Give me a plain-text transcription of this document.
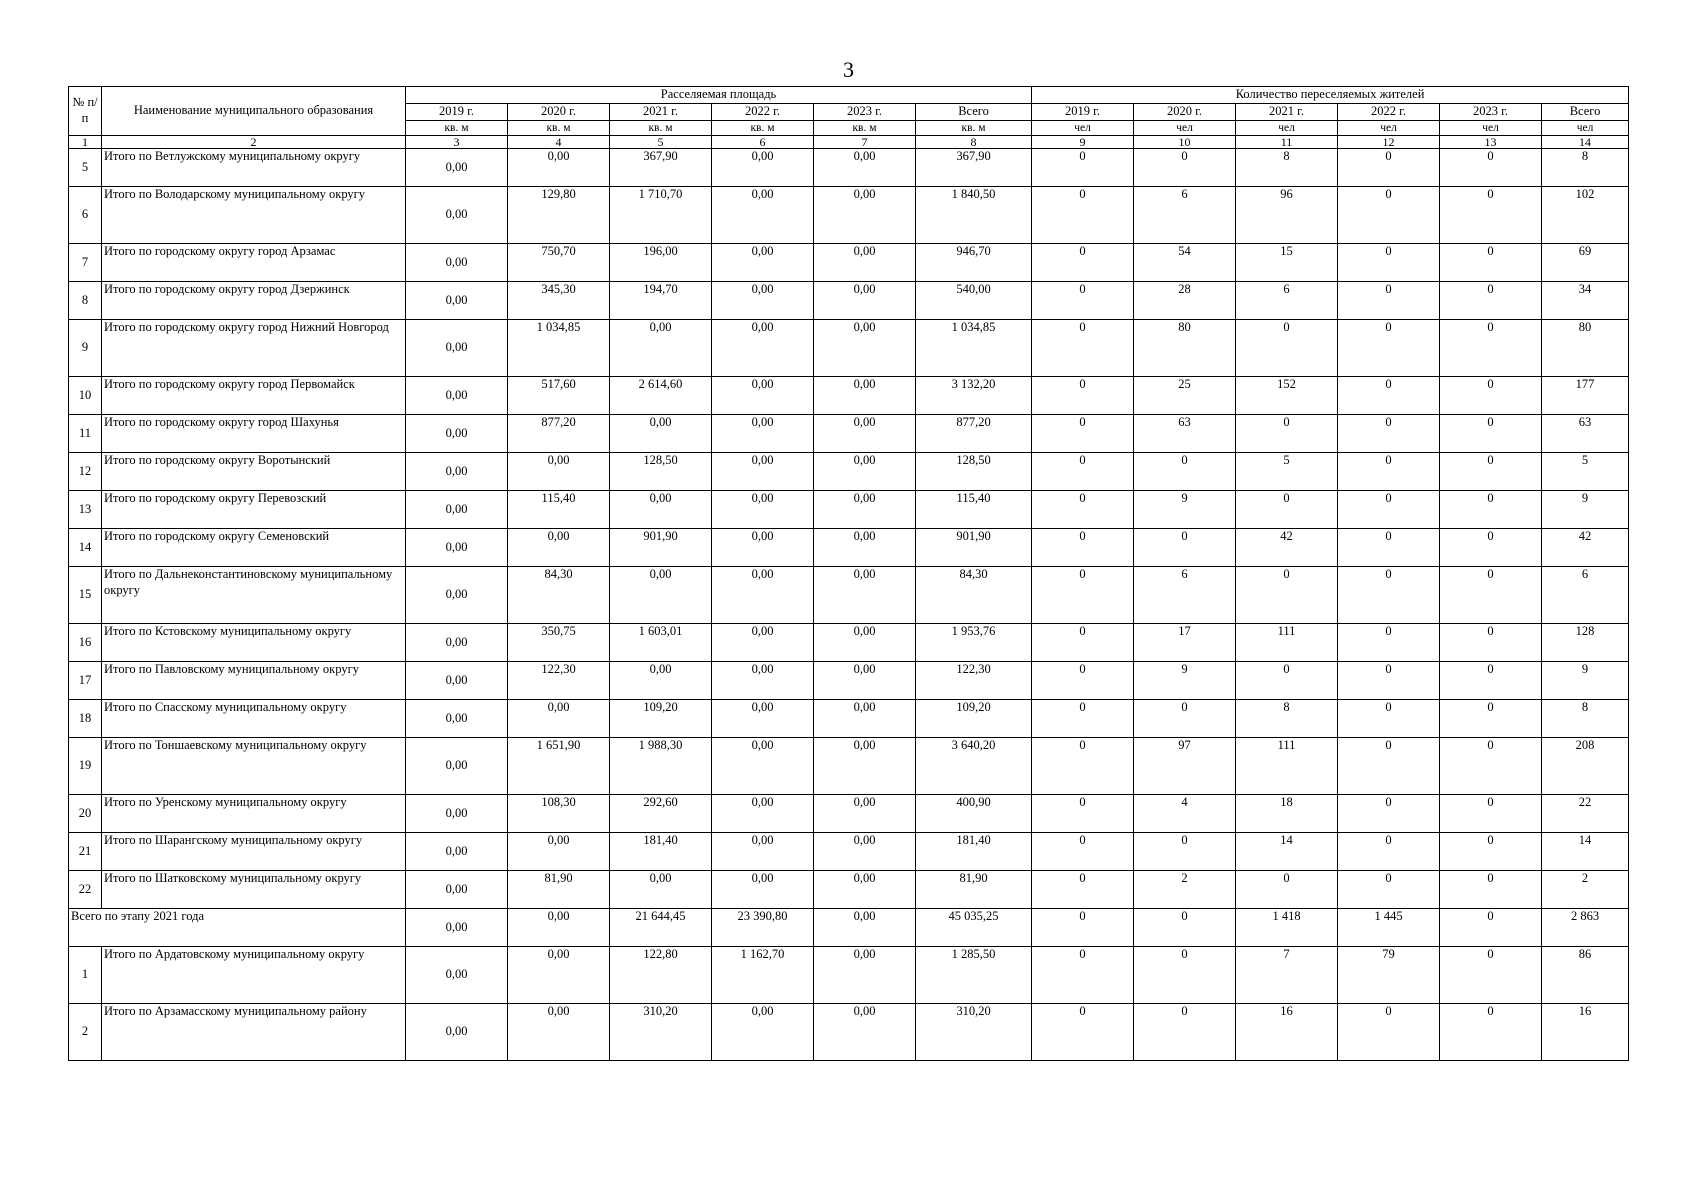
3
№ п/п	Наименование муниципального образования	Расселяемая площадь						Количество переселяемых жителей					
		2019 г.	2020 г.	2021 г.	2022 г.	2023 г.	Всего	2019 г.	2020 г.	2021 г.	2022 г.	2023 г.	Всего
		кв. м	кв. м	кв. м	кв. м	кв. м	кв. м	чел	чел	чел	чел	чел	чел
1	2	3	4	5	6	7	8	9	10	11	12	13	14
5	Итого по Ветлужскому муниципальному округу	0,00	0,00	367,90	0,00	0,00	367,90	0	0	8	0	0	8
6	Итого по Володарскому муниципальному округу	0,00	129,80	1 710,70	0,00	0,00	1 840,50	0	6	96	0	0	102
7	Итого по городскому округу город Арзамас	0,00	750,70	196,00	0,00	0,00	946,70	0	54	15	0	0	69
8	Итого по городскому округу город Дзержинск	0,00	345,30	194,70	0,00	0,00	540,00	0	28	6	0	0	34
9	Итого по городскому округу город Нижний Новгород	0,00	1 034,85	0,00	0,00	0,00	1 034,85	0	80	0	0	0	80
10	Итого по городскому округу город Первомайск	0,00	517,60	2 614,60	0,00	0,00	3 132,20	0	25	152	0	0	177
11	Итого по городскому округу город Шахунья	0,00	877,20	0,00	0,00	0,00	877,20	0	63	0	0	0	63
12	Итого по городскому округу Воротынский	0,00	0,00	128,50	0,00	0,00	128,50	0	0	5	0	0	5
13	Итого по городскому округу Перевозский	0,00	115,40	0,00	0,00	0,00	115,40	0	9	0	0	0	9
14	Итого по городскому округу Семеновский	0,00	0,00	901,90	0,00	0,00	901,90	0	0	42	0	0	42
15	Итого по Дальнеконстантиновскому муниципальному округу	0,00	84,30	0,00	0,00	0,00	84,30	0	6	0	0	0	6
16	Итого по Кстовскому муниципальному округу	0,00	350,75	1 603,01	0,00	0,00	1 953,76	0	17	111	0	0	128
17	Итого по Павловскому муниципальному округу	0,00	122,30	0,00	0,00	0,00	122,30	0	9	0	0	0	9
18	Итого по Спасскому муниципальному округу	0,00	0,00	109,20	0,00	0,00	109,20	0	0	8	0	0	8
19	Итого по Тоншаевскому муниципальному округу	0,00	1 651,90	1 988,30	0,00	0,00	3 640,20	0	97	111	0	0	208
20	Итого по Уренскому муниципальному округу	0,00	108,30	292,60	0,00	0,00	400,90	0	4	18	0	0	22
21	Итого по Шарангскому муниципальному округу	0,00	0,00	181,40	0,00	0,00	181,40	0	0	14	0	0	14
22	Итого по Шатковскому муниципальному округу	0,00	81,90	0,00	0,00	0,00	81,90	0	2	0	0	0	2
Всего по этапу 2021 года		0,00	0,00	21 644,45	23 390,80	0,00	45 035,25	0	0	1 418	1 445	0	2 863
1	Итого по Ардатовскому муниципальному округу	0,00	0,00	122,80	1 162,70	0,00	1 285,50	0	0	7	79	0	86
2	Итого по Арзамасскому муниципальному району	0,00	0,00	310,20	0,00	0,00	310,20	0	0	16	0	0	16
